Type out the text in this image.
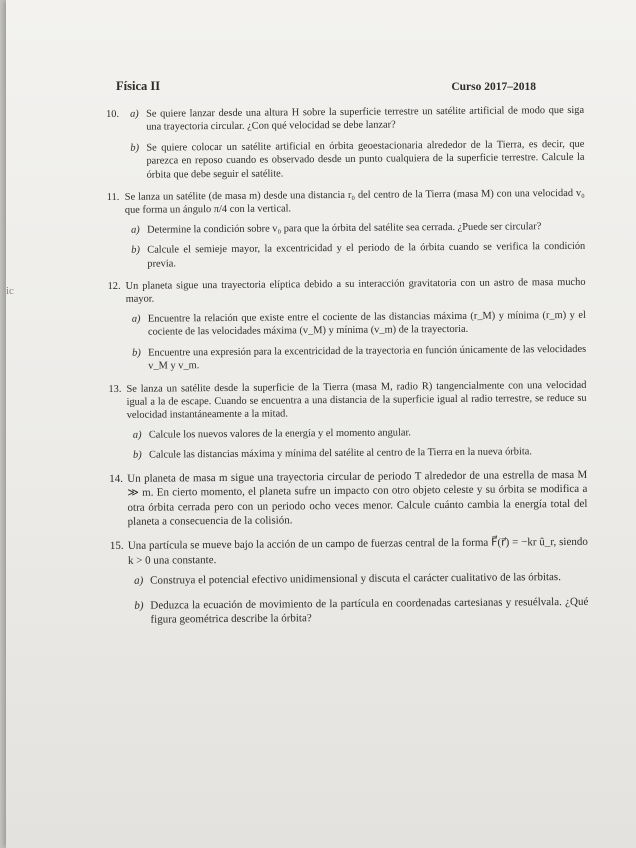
ic
Física II	Curso 2017–2018
10. a) Se quiere lanzar desde una altura H sobre la superficie terrestre un satélite artificial de modo que siga una trayectoria circular. ¿Con qué velocidad se debe lanzar?
b) Se quiere colocar un satélite artificial en órbita geoestacionaria alrededor de la Tierra, es decir, que parezca en reposo cuando es observado desde un punto cualquiera de la superficie terrestre. Calcule la órbita que debe seguir el satélite.
11. Se lanza un satélite (de masa m) desde una distancia r₀ del centro de la Tierra (masa M) con una velocidad v₀ que forma un ángulo π/4 con la vertical.
a) Determine la condición sobre v₀ para que la órbita del satélite sea cerrada. ¿Puede ser circular?
b) Calcule el semieje mayor, la excentricidad y el periodo de la órbita cuando se verifica la condición previa.
12. Un planeta sigue una trayectoria elíptica debido a su interacción gravitatoria con un astro de masa mucho mayor.
a) Encuentre la relación que existe entre el cociente de las distancias máxima (r_M) y mínima (r_m) y el cociente de las velocidades máxima (v_M) y mínima (v_m) de la trayectoria.
b) Encuentre una expresión para la excentricidad de la trayectoria en función únicamente de las velocidades v_M y v_m.
13. Se lanza un satélite desde la superficie de la Tierra (masa M, radio R) tangencialmente con una velocidad igual a la de escape. Cuando se encuentra a una distancia de la superficie igual al radio terrestre, se reduce su velocidad instantáneamente a la mitad.
a) Calcule los nuevos valores de la energía y el momento angular.
b) Calcule las distancias máxima y mínima del satélite al centro de la Tierra en la nueva órbita.
14. Un planeta de masa m sigue una trayectoria circular de periodo T alrededor de una estrella de masa M ≫ m. En cierto momento, el planeta sufre un impacto con otro objeto celeste y su órbita se modifica a otra órbita cerrada pero con un periodo ocho veces menor. Calcule cuánto cambia la energía total del planeta a consecuencia de la colisión.
15. Una partícula se mueve bajo la acción de un campo de fuerzas central de la forma F⃗(r⃗) = −kr û_r, siendo k > 0 una constante.
a) Construya el potencial efectivo unidimensional y discuta el carácter cualitativo de las órbitas.
b) Deduzca la ecuación de movimiento de la partícula en coordenadas cartesianas y resuélvala. ¿Qué figura geométrica describe la órbita?
